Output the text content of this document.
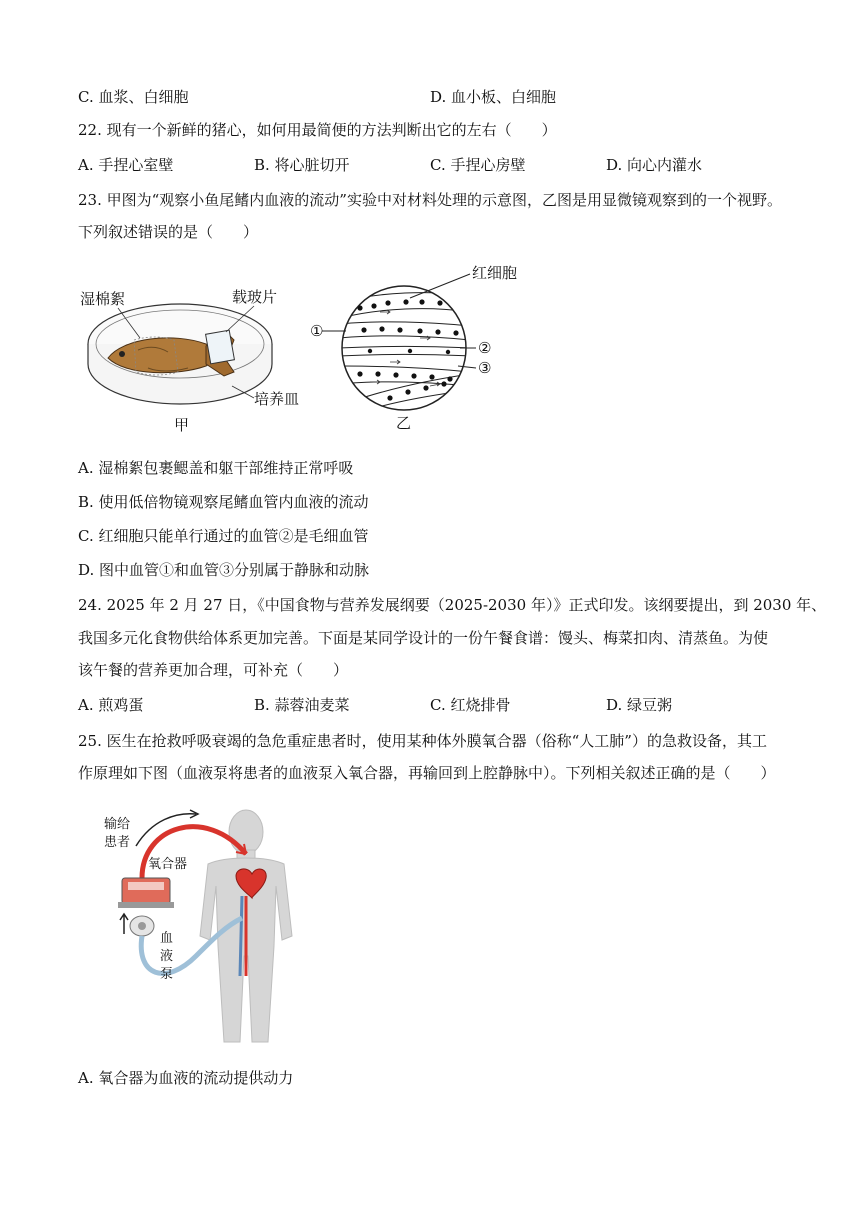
C. 血浆、白细胞	D. 血小板、白细胞
22. 现有一个新鲜的猪心，如何用最简便的方法判断出它的左右（　　）
A. 手捏心室壁	B. 将心脏切开	C. 手捏心房壁	D. 向心内灌水
23. 甲图为“观察小鱼尾鳍内血液的流动”实验中对材料处理的示意图，乙图是用显微镜观察到的一个视野。
下列叙述错误的是（　　）
湿棉絮	载玻片
培养皿
甲
红细胞
①
②
③
乙
A. 湿棉絮包裹鳃盖和躯干部维持正常呼吸
B. 使用低倍物镜观察尾鳍血管内血液的流动
C. 红细胞只能单行通过的血管②是毛细血管
D. 图中血管①和血管③分别属于静脉和动脉
24. 2025 年 2 月 27 日，《中国食物与营养发展纲要（2025-2030 年）》正式印发。该纲要提出，到 2030 年、
我国多元化食物供给体系更加完善。下面是某同学设计的一份午餐食谱：馒头、梅菜扣肉、清蒸鱼。为使
该午餐的营养更加合理，可补充（　　）
A. 煎鸡蛋	B. 蒜蓉油麦菜	C. 红烧排骨	D. 绿豆粥
25. 医生在抢救呼吸衰竭的急危重症患者时，使用某种体外膜氧合器（俗称“人工肺”）的急救设备，其工
作原理如下图（血液泵将患者的血液泵入氧合器，再输回到上腔静脉中）。下列相关叙述正确的是（　　）
输给
患者
氧合器
血
液
泵
A. 氧合器为血液的流动提供动力
